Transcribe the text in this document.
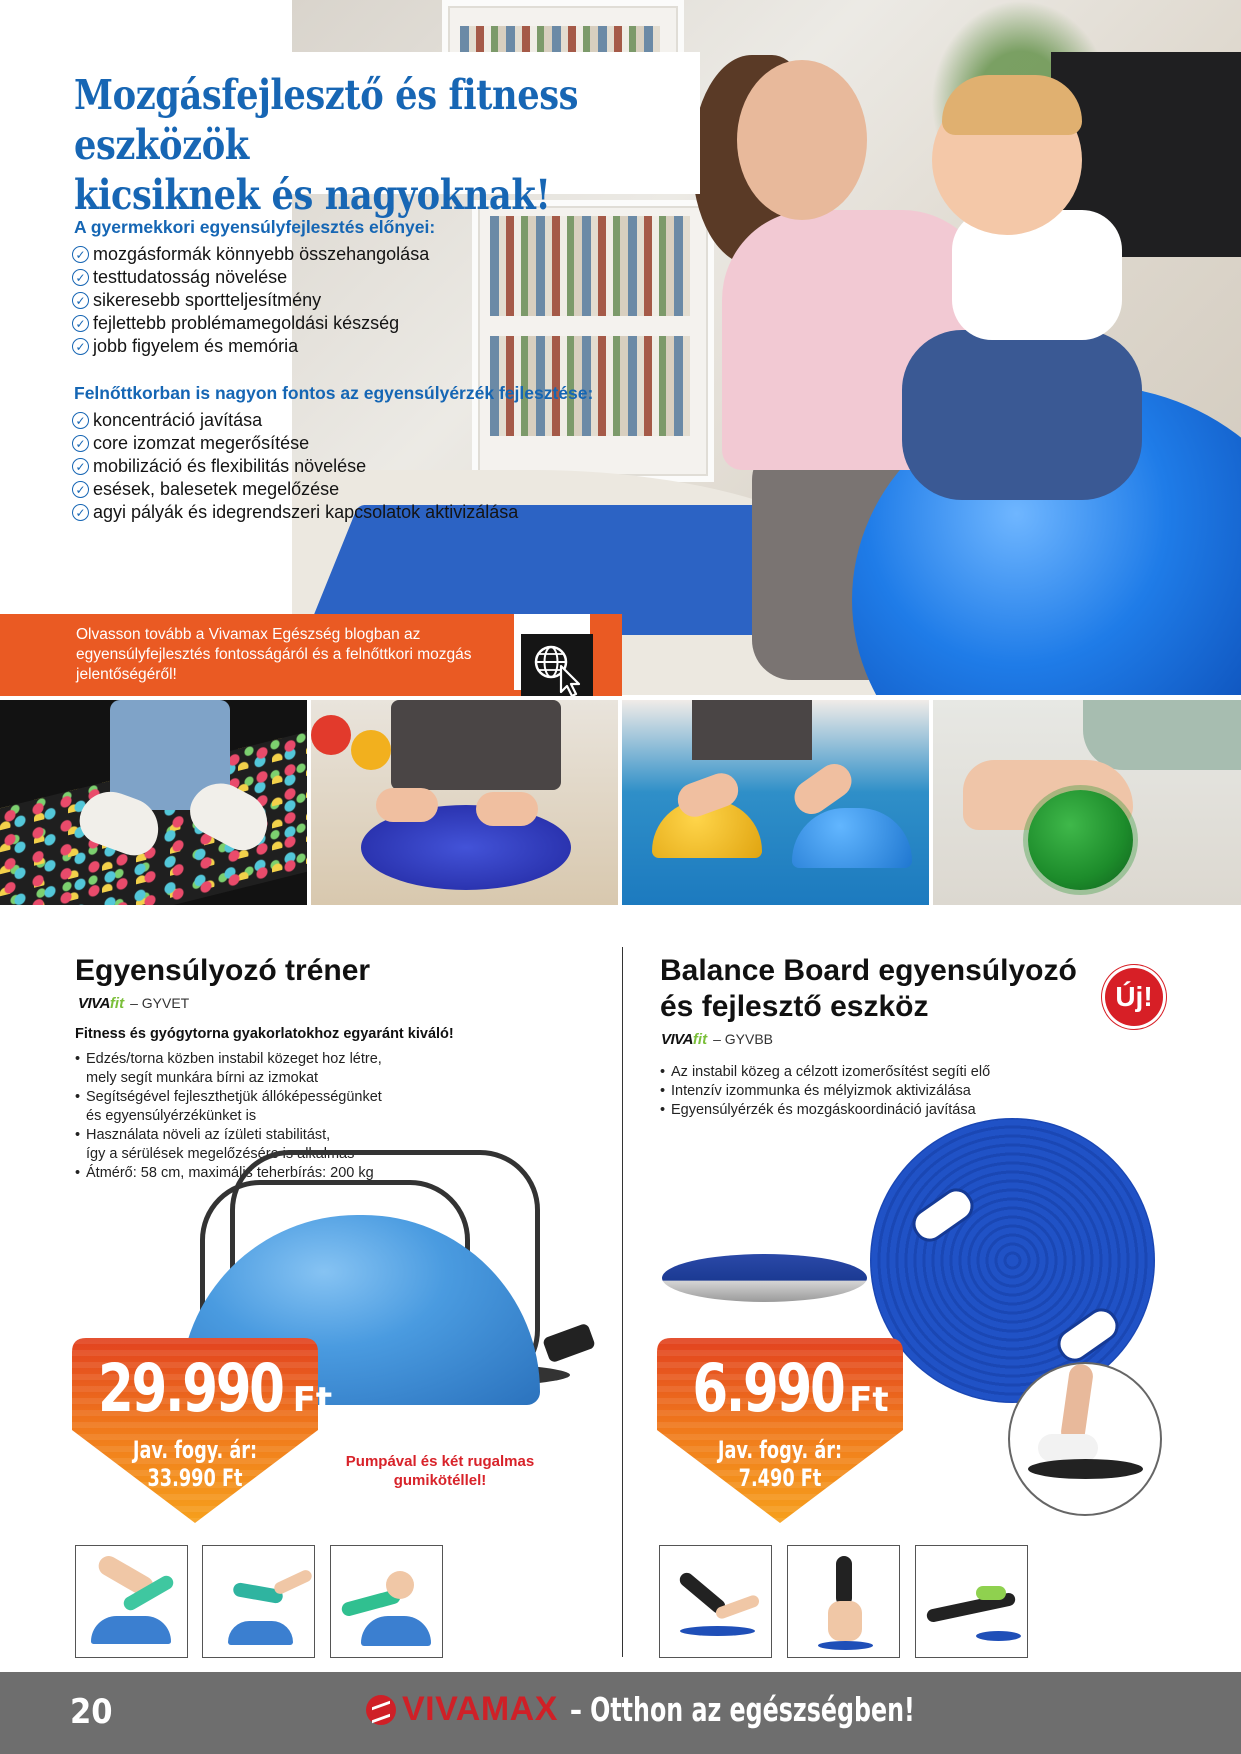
Mozgásfejlesztő és fitness eszközök
kicsiknek és nagyoknak!
A gyermekkori egyensúlyfejlesztés előnyei:
✓ mozgásformák könnyebb összehangolása
✓ testtudatosság növelése
✓ sikeresebb sportteljesítmény
✓ fejlettebb problémamegoldási készség
✓ jobb figyelem és memória
Felnőttkorban is nagyon fontos az egyensúlyérzék fejlesztése:
✓ koncentráció javítása
✓ core izomzat megerősítése
✓ mobilizáció és flexibilitás növelése
✓ esések, balesetek megelőzése
✓ agyi pályák és idegrendszeri kapcsolatok aktivizálása

Olvasson tovább a Vivamax Egészség blogban az egyensúlyfejlesztés fontosságáról és a felnőttkori mozgás jelentőségéről!

Egyensúlyozó tréner
VIVA fit – GYVET

Fitness és gyógytorna gyakorlatokhoz egyaránt kiváló!

• Edzés/torna közben instabil közeget hoz létre,
mely segít munkára bírni az izmokat
• Segítségével fejleszthetjük állóképességünket
és egyensúlyérzékünket is
• Használata növeli az ízületi stabilitást,
így a sérülések megelőzésére is alkalmas
• Átmérő: 58 cm, maximális teherbírás: 200 kg
29.990 Ft
Jav. fogy. ár:
33.990 Ft

Pumpával és két rugalmas gumikötéllel!

Balance Board egyensúlyozó
és fejlesztő eszköz	Új!
VIVA fit – GYVBB
• Az instabil közeg a célzott izomerősítést segíti elő
• Intenzív izommunka és mélyizmok aktivizálása
• Egyensúlyérzék és mozgáskoordináció javítása
6.990 Ft
Jav. fogy. ár:
7.490 Ft

20	VIVAMAX – Otthon az egészségben!
